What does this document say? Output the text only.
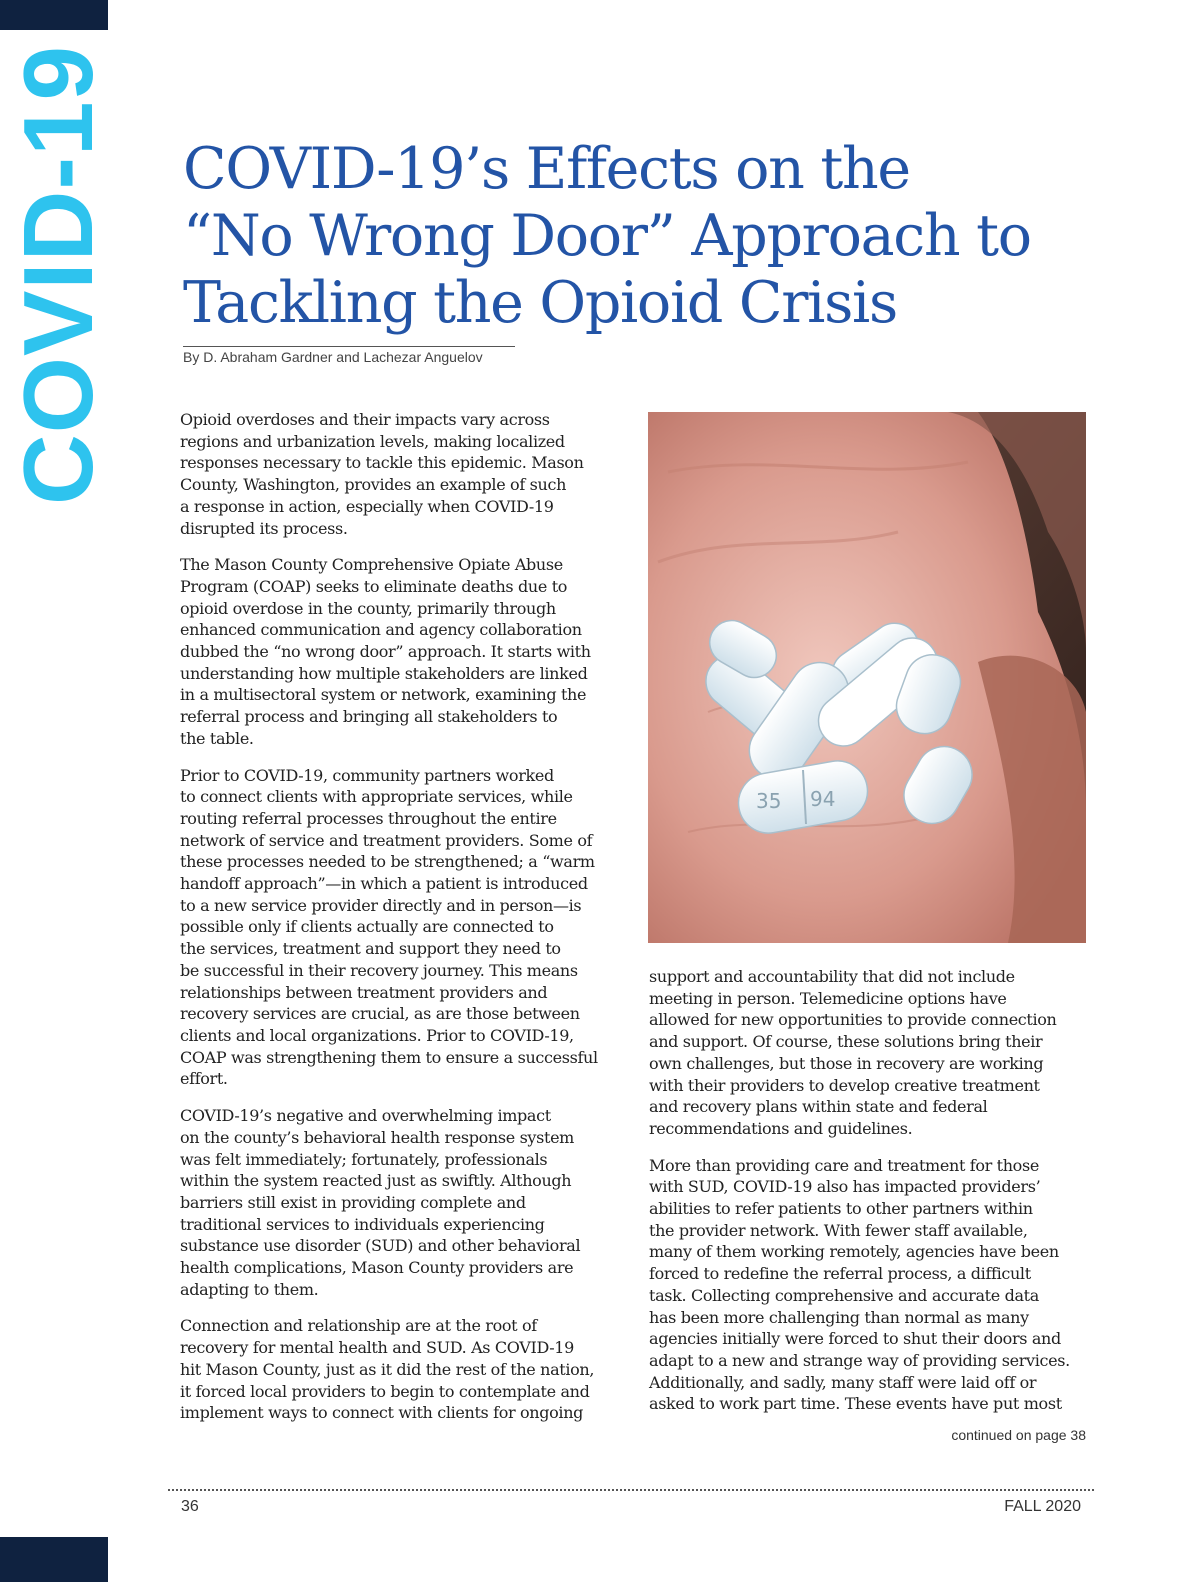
COVID-19 COVID-19’s Effects on the
“No Wrong Door” Approach to
Tackling the Opioid Crisis
By D. Abraham Gardner and Lachezar Anguelov

Opioid overdoses and their impacts vary across
regions and urbanization levels, making localized
responses necessary to tackle this epidemic. Mason
County, Washington, provides an example of such
a response in action, especially when COVID-19
disrupted its process.

The Mason County Comprehensive Opiate Abuse
Program (COAP) seeks to eliminate deaths due to
opioid overdose in the county, primarily through
enhanced communication and agency collaboration
dubbed the “no wrong door” approach. It starts with
understanding how multiple stakeholders are linked
in a multisectoral system or network, examining the
referral process and bringing all stakeholders to
the table.

Prior to COVID-19, community partners worked
to connect clients with appropriate services, while
routing referral processes throughout the entire
network of service and treatment providers. Some of
these processes needed to be strengthened; a “warm
handoff approach”—in which a patient is introduced
to a new service provider directly and in person—is
possible only if clients actually are connected to
the services, treatment and support they need to
be successful in their recovery journey. This means
relationships between treatment providers and
recovery services are crucial, as are those between
clients and local organizations. Prior to COVID-19,
COAP was strengthening them to ensure a successful
effort.

COVID-19’s negative and overwhelming impact
on the county’s behavioral health response system
was felt immediately; fortunately, professionals
within the system reacted just as swiftly. Although
barriers still exist in providing complete and
traditional services to individuals experiencing
substance use disorder (SUD) and other behavioral
health complications, Mason County providers are
adapting to them.

Connection and relationship are at the root of
recovery for mental health and SUD. As COVID-19
hit Mason County, just as it did the rest of the nation,
it forced local providers to begin to contemplate and
implement ways to connect with clients for ongoing

35 94

support and accountability that did not include
meeting in person. Telemedicine options have
allowed for new opportunities to provide connection
and support. Of course, these solutions bring their
own challenges, but those in recovery are working
with their providers to develop creative treatment
and recovery plans within state and federal
recommendations and guidelines.

More than providing care and treatment for those
with SUD, COVID-19 also has impacted providers’
abilities to refer patients to other partners within
the provider network. With fewer staff available,
many of them working remotely, agencies have been
forced to redefine the referral process, a difficult
task. Collecting comprehensive and accurate data
has been more challenging than normal as many
agencies initially were forced to shut their doors and
adapt to a new and strange way of providing services.
Additionally, and sadly, many staff were laid off or
asked to work part time. These events have put most

continued on page 38
36	FALL 2020
